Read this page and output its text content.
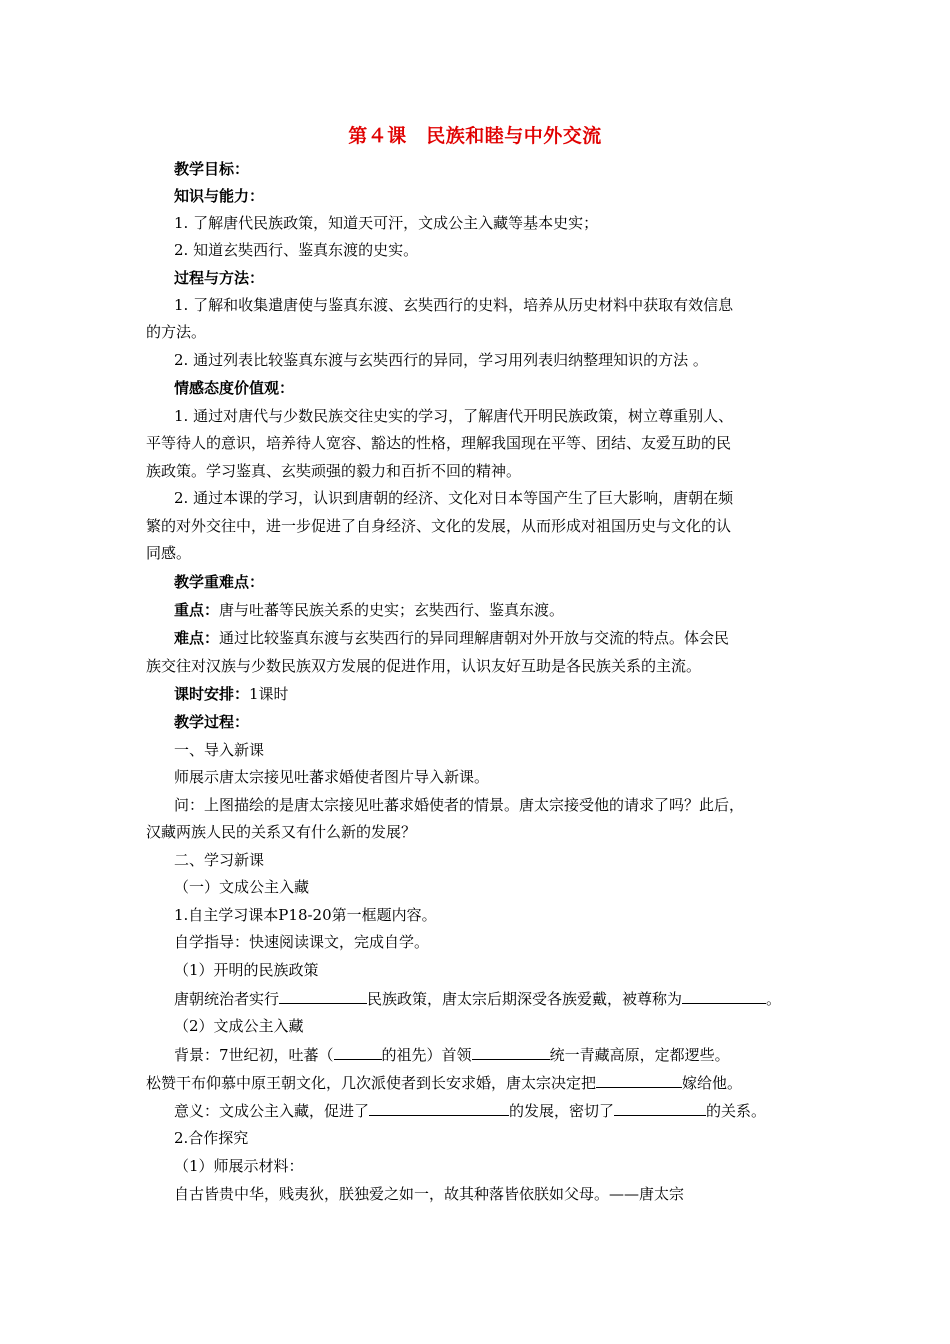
第４课　民族和睦与中外交流
教学目标：
知识与能力：
1. 了解唐代民族政策，知道天可汗，文成公主入藏等基本史实；
2. 知道玄奘西行、鉴真东渡的史实。
过程与方法：
1. 了解和收集遣唐使与鉴真东渡、玄奘西行的史料，培养从历史材料中获取有效信息
的方法。
2. 通过列表比较鉴真东渡与玄奘西行的异同，学习用列表归纳整理知识的方法 。
情感态度价值观：
1. 通过对唐代与少数民族交往史实的学习，了解唐代开明民族政策，树立尊重别人、
平等待人的意识，培养待人宽容、豁达的性格，理解我国现在平等、团结、友爱互助的民
族政策。学习鉴真、玄奘顽强的毅力和百折不回的精神。
2. 通过本课的学习，认识到唐朝的经济、文化对日本等国产生了巨大影响，唐朝在频
繁的对外交往中，进一步促进了自身经济、文化的发展，从而形成对祖国历史与文化的认
同感。
教学重难点：
重点：唐与吐蕃等民族关系的史实；玄奘西行、鉴真东渡。
难点：通过比较鉴真东渡与玄奘西行的异同理解唐朝对外开放与交流的特点。体会民
族交往对汉族与少数民族双方发展的促进作用，认识友好互助是各民族关系的主流。
课时安排：1课时
教学过程：
一、导入新课
师展示唐太宗接见吐蕃求婚使者图片导入新课。
问：上图描绘的是唐太宗接见吐蕃求婚使者的情景。唐太宗接受他的请求了吗？此后，
汉藏两族人民的关系又有什么新的发展？
二、学习新课
（一）文成公主入藏
1.自主学习课本P18-20第一框题内容。
自学指导：快速阅读课文，完成自学。
（1）开明的民族政策
唐朝统治者实行	民族政策，唐太宗后期深受各族爱戴，被尊称为	。
（2）文成公主入藏
背景：7世纪初，吐蕃（	的祖先）首领	统一青藏高原，定都逻些。
松赞干布仰慕中原王朝文化，几次派使者到长安求婚，唐太宗决定把	嫁给他。
意义：文成公主入藏，促进了	的发展，密切了	的关系。
2.合作探究
（1）师展示材料：
自古皆贵中华，贱夷狄，朕独爱之如一，故其种落皆依朕如父母。——唐太宗
